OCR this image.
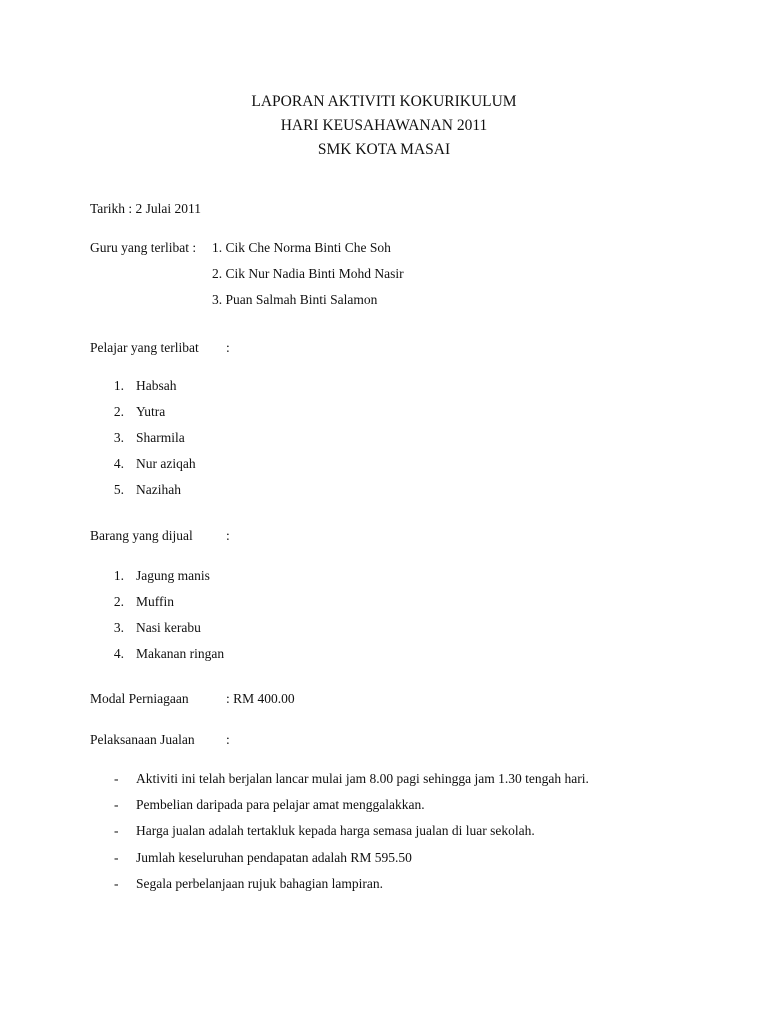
LAPORAN AKTIVITI KOKURIKULUM
HARI KEUSAHAWANAN 2011
SMK KOTA MASAI
Tarikh : 2 Julai 2011
Guru yang terlibat : 1. Cik Che Norma Binti Che Soh
2. Cik Nur Nadia Binti Mohd Nasir
3. Puan Salmah Binti Salamon
Pelajar yang terlibat :
1. Habsah
2. Yutra
3. Sharmila
4. Nur aziqah
5. Nazihah
Barang yang dijual :
1. Jagung manis
2. Muffin
3. Nasi kerabu
4. Makanan ringan
Modal Perniagaan	: RM 400.00
Pelaksanaan Jualan :
- Aktiviti ini telah berjalan lancar mulai jam 8.00 pagi sehingga jam 1.30 tengah hari.
- Pembelian daripada para pelajar amat menggalakkan.
- Harga jualan adalah tertakluk kepada harga semasa jualan di luar sekolah.
- Jumlah keseluruhan pendapatan adalah RM 595.50
- Segala perbelanjaan rujuk bahagian lampiran.
